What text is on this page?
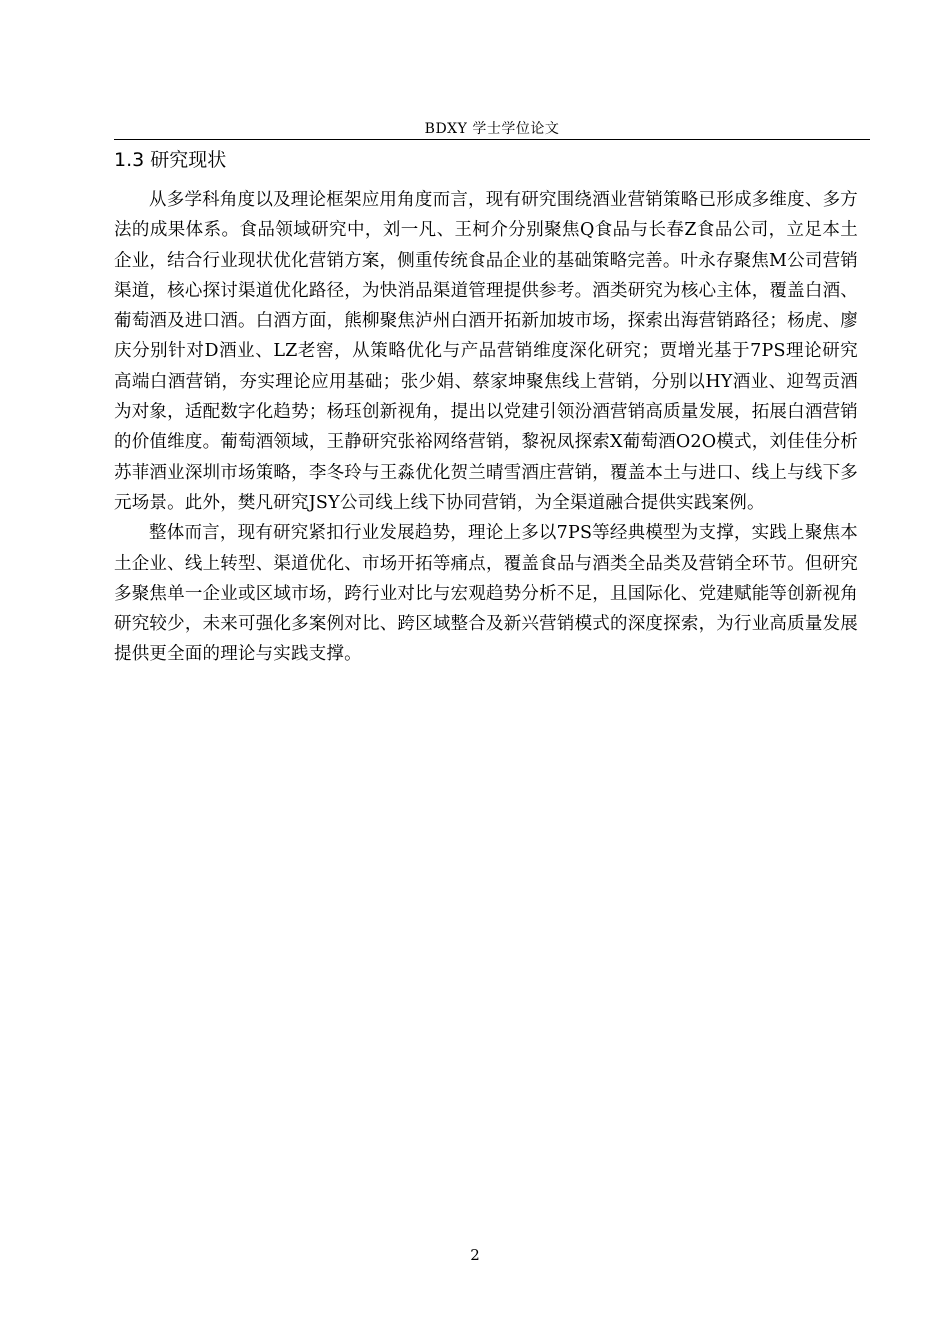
BDXY 学士学位论文
1.3 研究现状

从多学科角度以及理论框架应用角度而言，现有研究围绕酒业营销策略已形成多维度、多方法的成果体系。食品领域研究中，刘一凡、王柯介分别聚焦Q食品与长春Z食品公司，立足本土企业，结合行业现状优化营销方案，侧重传统食品企业的基础策略完善。叶永存聚焦M公司营销渠道，核心探讨渠道优化路径，为快消品渠道管理提供参考。酒类研究为核心主体，覆盖白酒、葡萄酒及进口酒。白酒方面，熊柳聚焦泸州白酒开拓新加坡市场，探索出海营销路径；杨虎、廖庆分别针对D酒业、LZ老窖，从策略优化与产品营销维度深化研究；贾增光基于7PS理论研究高端白酒营销，夯实理论应用基础；张少娟、蔡家坤聚焦线上营销，分别以HY酒业、迎驾贡酒为对象，适配数字化趋势；杨珏创新视角，提出以党建引领汾酒营销高质量发展，拓展白酒营销的价值维度。葡萄酒领域，王静研究张裕网络营销，黎祝凤探索X葡萄酒O2O模式，刘佳佳分析苏菲酒业深圳市场策略，李冬玲与王淼优化贺兰晴雪酒庄营销，覆盖本土与进口、线上与线下多元场景。此外，樊凡研究JSY公司线上线下协同营销，为全渠道融合提供实践案例。

整体而言，现有研究紧扣行业发展趋势，理论上多以7PS等经典模型为支撑，实践上聚焦本土企业、线上转型、渠道优化、市场开拓等痛点，覆盖食品与酒类全品类及营销全环节。但研究多聚焦单一企业或区域市场，跨行业对比与宏观趋势分析不足，且国际化、党建赋能等创新视角研究较少，未来可强化多案例对比、跨区域整合及新兴营销模式的深度探索，为行业高质量发展提供更全面的理论与实践支撑。

2
